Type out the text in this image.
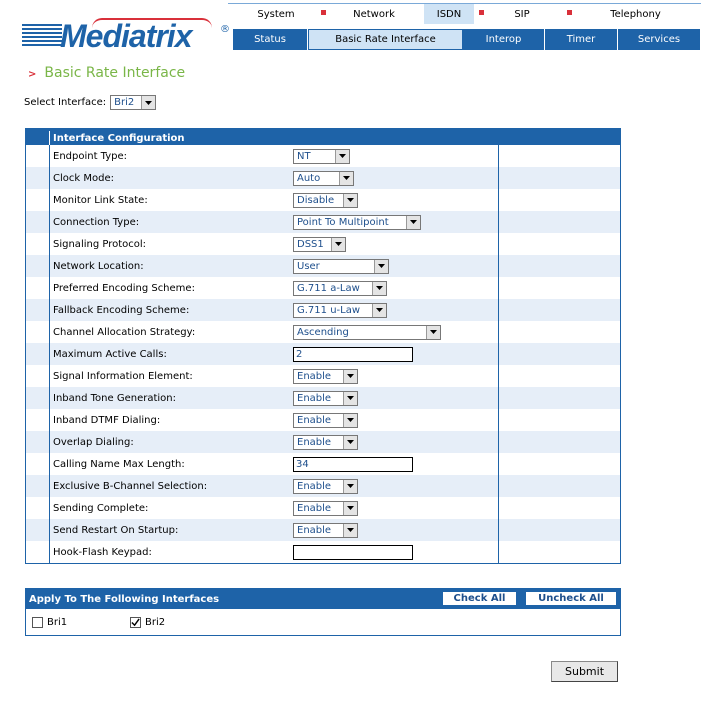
Mediatrix	®
System	Network	ISDN	SIP	Telephony
Status	Basic Rate Interface	Interop	Timer	Services
> Basic Rate Interface
Select Interface: Bri2
Interface Configuration
Endpoint Type:	NT
Clock Mode:	Auto
Monitor Link State:	Disable
Connection Type:	Point To Multipoint
Signaling Protocol:	DSS1
Network Location:	User
Preferred Encoding Scheme:	G.711 a-Law
Fallback Encoding Scheme:	G.711 u-Law
Channel Allocation Strategy:	Ascending
Maximum Active Calls:	2
Signal Information Element:	Enable
Inband Tone Generation:	Enable
Inband DTMF Dialing:	Enable
Overlap Dialing:	Enable
Calling Name Max Length:	34
Exclusive B-Channel Selection:	Enable
Sending Complete:	Enable
Send Restart On Startup:	Enable
Hook-Flash Keypad:
Apply To The Following Interfaces	Check All	Uncheck All
Bri1	Bri2
Submit
